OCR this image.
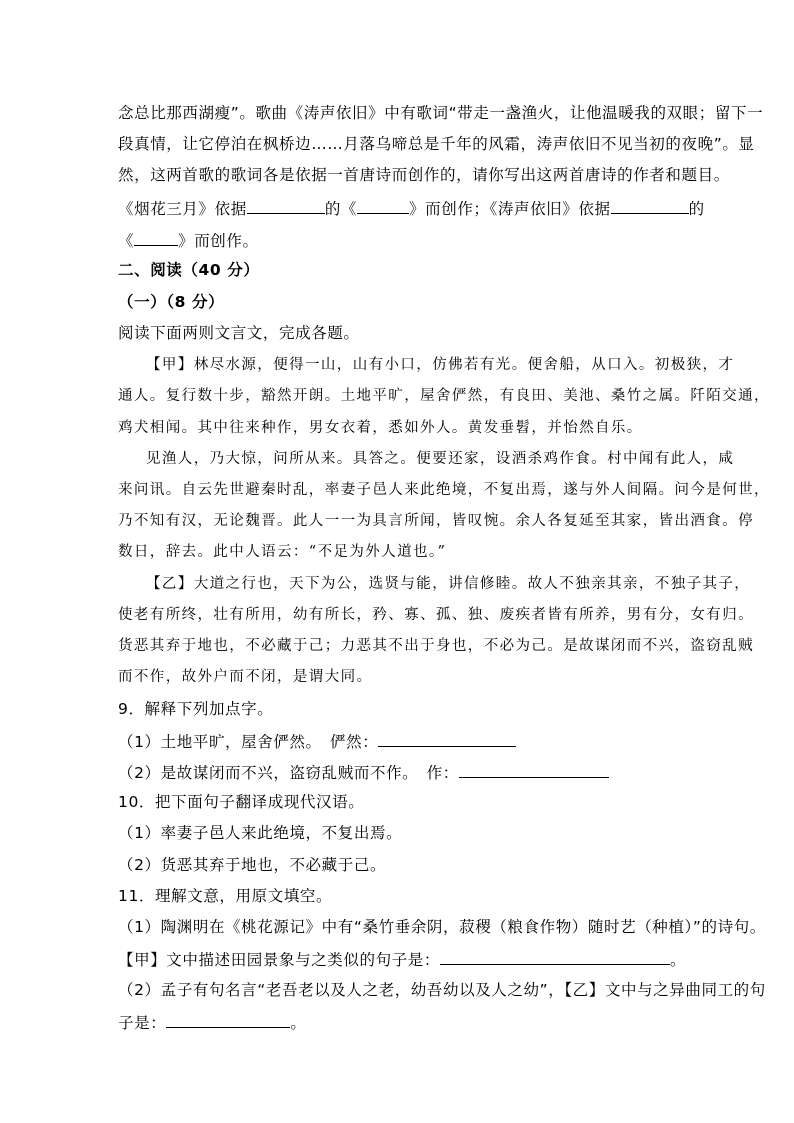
念总比那西湖瘦”。歌曲《涛声依旧》中有歌词“带走一盏渔火，让他温暖我的双眼；留下一
段真情，让它停泊在枫桥边……月落乌啼总是千年的风霜，涛声依旧不见当初的夜晚”。显
然，这两首歌的歌词各是依据一首唐诗而创作的，请你写出这两首唐诗的作者和题目。
《烟花三月》依据	的《	》而创作；《涛声依旧》依据	的
《	》而创作。
二、阅读（40 分）
（一）（8 分）
阅读下面两则文言文，完成各题。
【甲】林尽水源，便得一山，山有小口，仿佛若有光。便舍船，从口入。初极狭，才
通人。复行数十步，豁然开朗。土地平旷，屋舍俨然，有良田、美池、桑竹之属。阡陌交通，
鸡犬相闻。其中往来种作，男女衣着，悉如外人。黄发垂髫，并怡然自乐。
见渔人，乃大惊，问所从来。具答之。便要还家，设酒杀鸡作食。村中闻有此人，咸
来问讯。自云先世避秦时乱，率妻子邑人来此绝境，不复出焉，遂与外人间隔。问今是何世，
乃不知有汉，无论魏晋。此人一一为具言所闻，皆叹惋。余人各复延至其家，皆出酒食。停
数日，辞去。此中人语云：“不足为外人道也。”
【乙】大道之行也，天下为公，选贤与能，讲信修睦。故人不独亲其亲，不独子其子，
使老有所终，壮有所用，幼有所长，矜、寡、孤、独、废疾者皆有所养，男有分，女有归。
货恶其弃于地也，不必藏于己；力恶其不出于身也，不必为己。是故谋闭而不兴，盗窃乱贼
而不作，故外户而不闭，是谓大同。
9．解释下列加点字。
（1）土地平旷，屋舍俨然。　俨然：
（2）是故谋闭而不兴，盗窃乱贼而不作。　作：
10．把下面句子翻译成现代汉语。
（1）率妻子邑人来此绝境，不复出焉。
（2）货恶其弃于地也，不必藏于己。
11．理解文意，用原文填空。
（1）陶渊明在《桃花源记》中有“桑竹垂余阴，菽稷（粮食作物）随时艺（种植）”的诗句。
【甲】文中描述田园景象与之类似的句子是：	。
（2）孟子有句名言“老吾老以及人之老，幼吾幼以及人之幼”，【乙】文中与之异曲同工的句
子是：	。
